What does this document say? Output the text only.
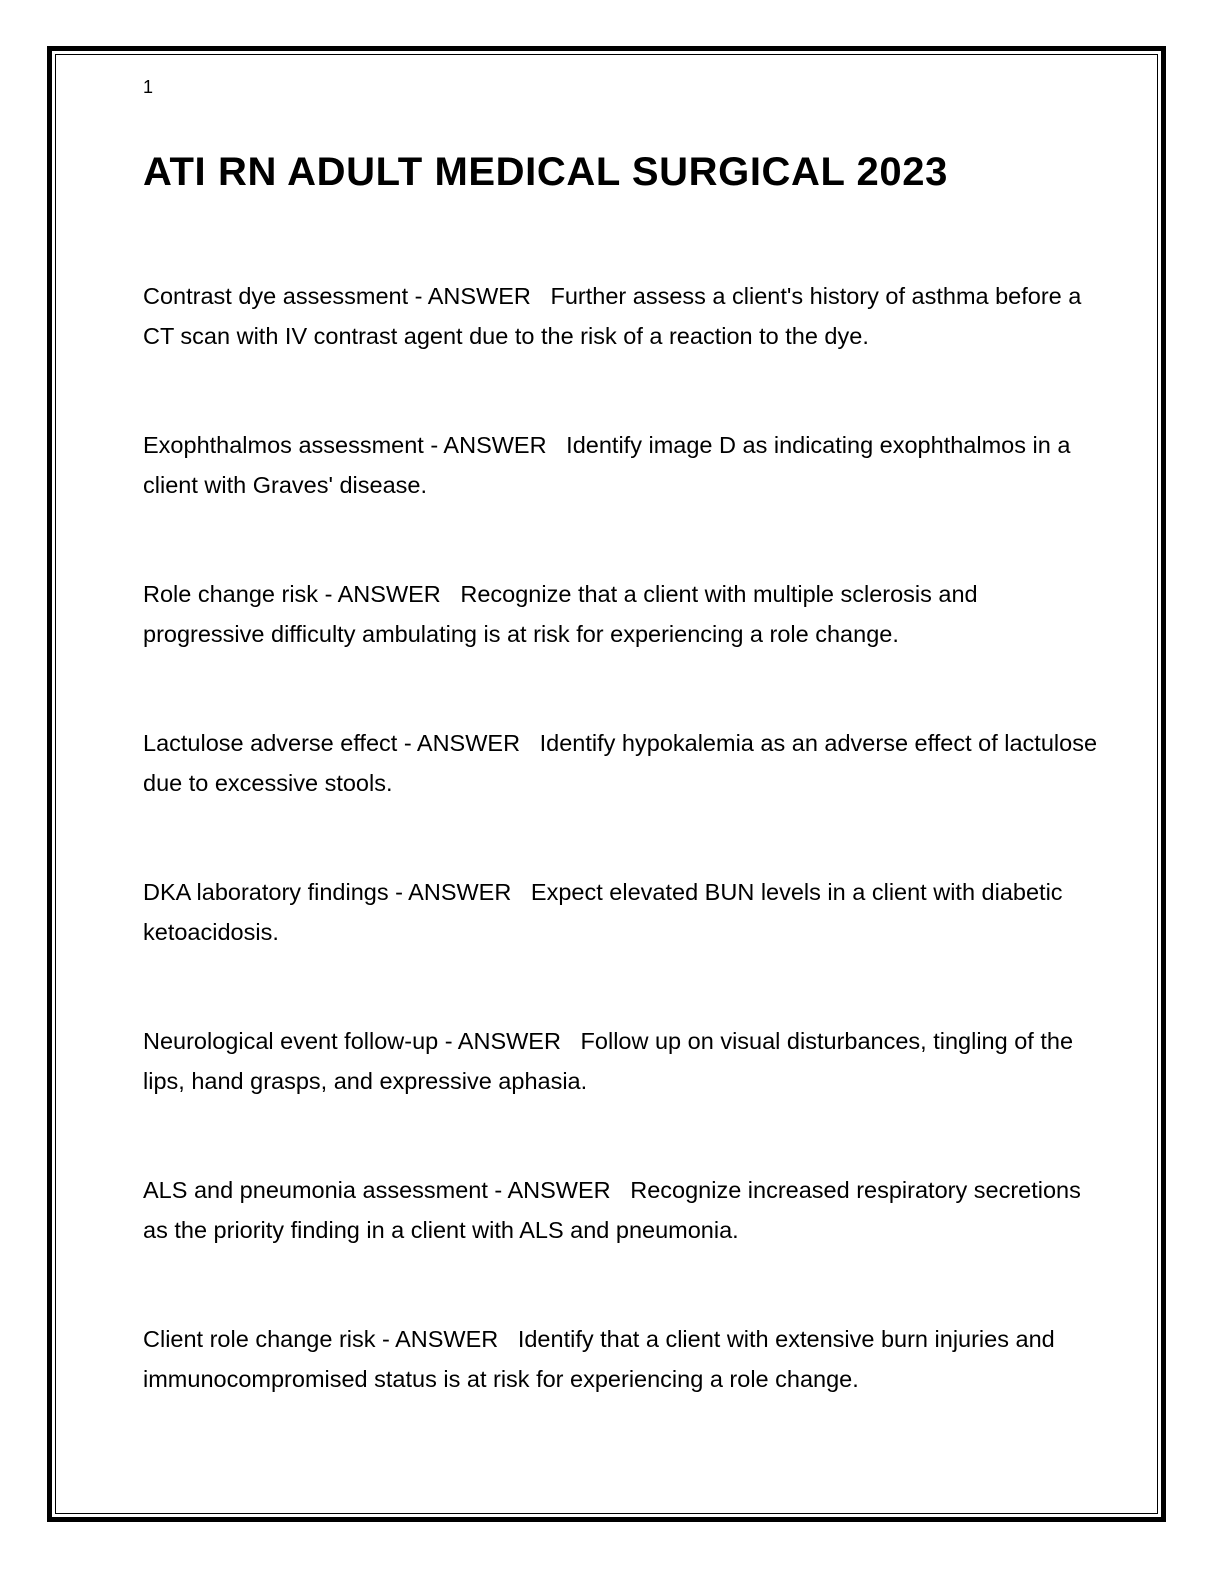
1
ATI RN ADULT MEDICAL SURGICAL 2023

Contrast dye assessment - ANSWER   Further assess a client's history of asthma before a CT scan with IV contrast agent due to the risk of a reaction to the dye.

Exophthalmos assessment - ANSWER   Identify image D as indicating exophthalmos in a client with Graves' disease.

Role change risk - ANSWER   Recognize that a client with multiple sclerosis and progressive difficulty ambulating is at risk for experiencing a role change.

Lactulose adverse effect - ANSWER   Identify hypokalemia as an adverse effect of lactulose due to excessive stools.

DKA laboratory findings - ANSWER   Expect elevated BUN levels in a client with diabetic ketoacidosis.

Neurological event follow-up - ANSWER   Follow up on visual disturbances, tingling of the lips, hand grasps, and expressive aphasia.

ALS and pneumonia assessment - ANSWER   Recognize increased respiratory secretions as the priority finding in a client with ALS and pneumonia.

Client role change risk - ANSWER   Identify that a client with extensive burn injuries and immunocompromised status is at risk for experiencing a role change.
